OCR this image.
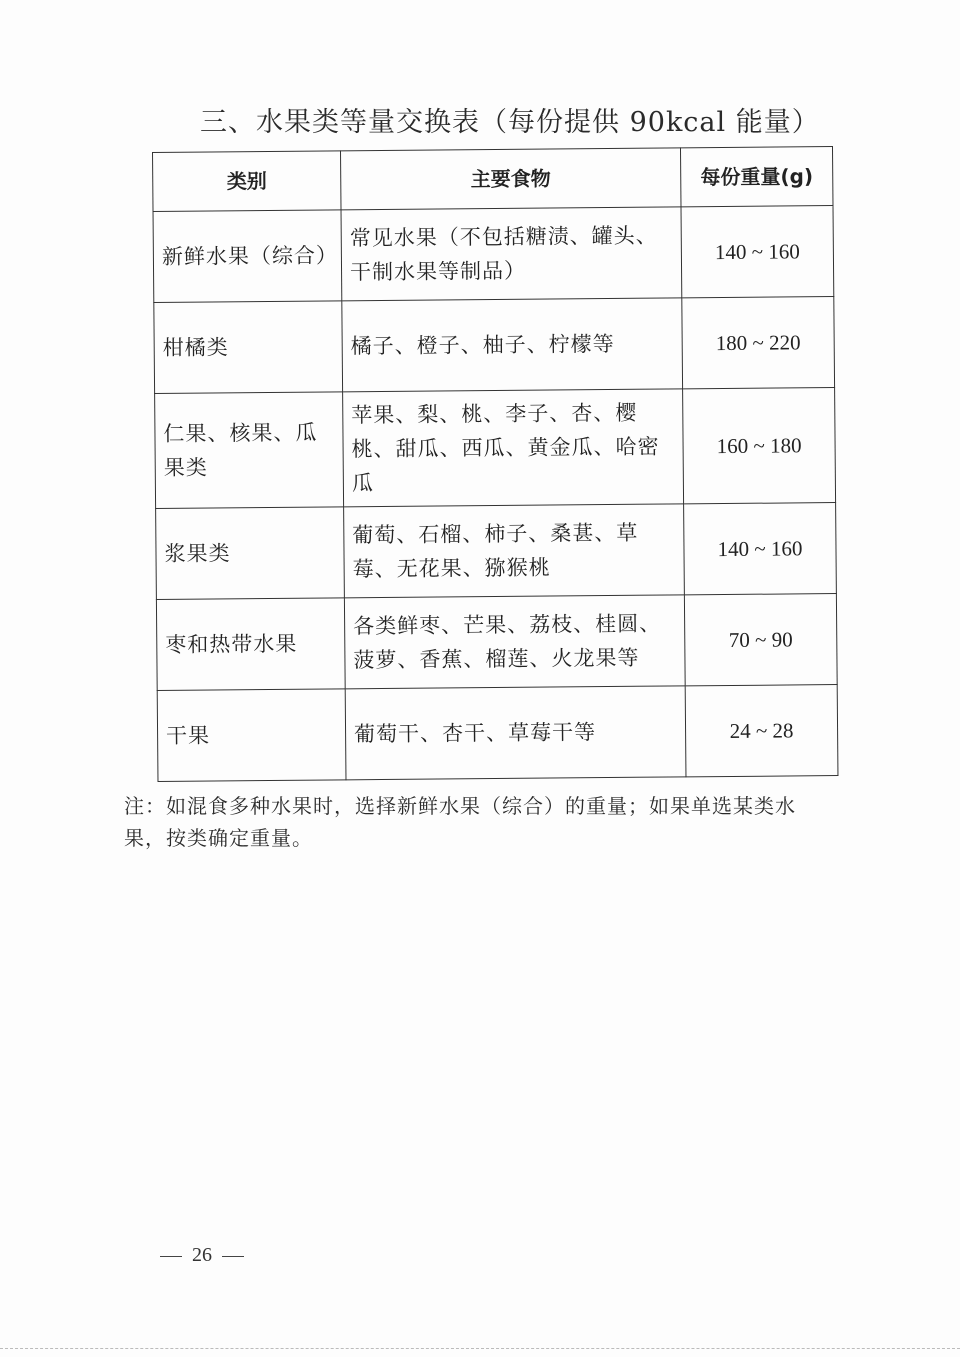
三、水果类等量交换表（每份提供 90kcal 能量）
类别	主要食物	每份重量(g)
新鲜水果（综合）	常见水果（不包括糖渍、罐头、干制水果等制品）	140 ~ 160
柑橘类	橘子、橙子、柚子、柠檬等	180 ~ 220
仁果、核果、瓜果类	苹果、梨、桃、李子、杏、樱桃、甜瓜、西瓜、黄金瓜、哈密瓜	160 ~ 180
浆果类	葡萄、石榴、柿子、桑葚、草莓、无花果、猕猴桃	140 ~ 160
枣和热带水果	各类鲜枣、芒果、荔枝、桂圆、菠萝、香蕉、榴莲、火龙果等	70 ~ 90
干果	葡萄干、杏干、草莓干等	24 ~ 28
注：如混食多种水果时，选择新鲜水果（综合）的重量；如果单选某类水果，按类确定重量。
26
